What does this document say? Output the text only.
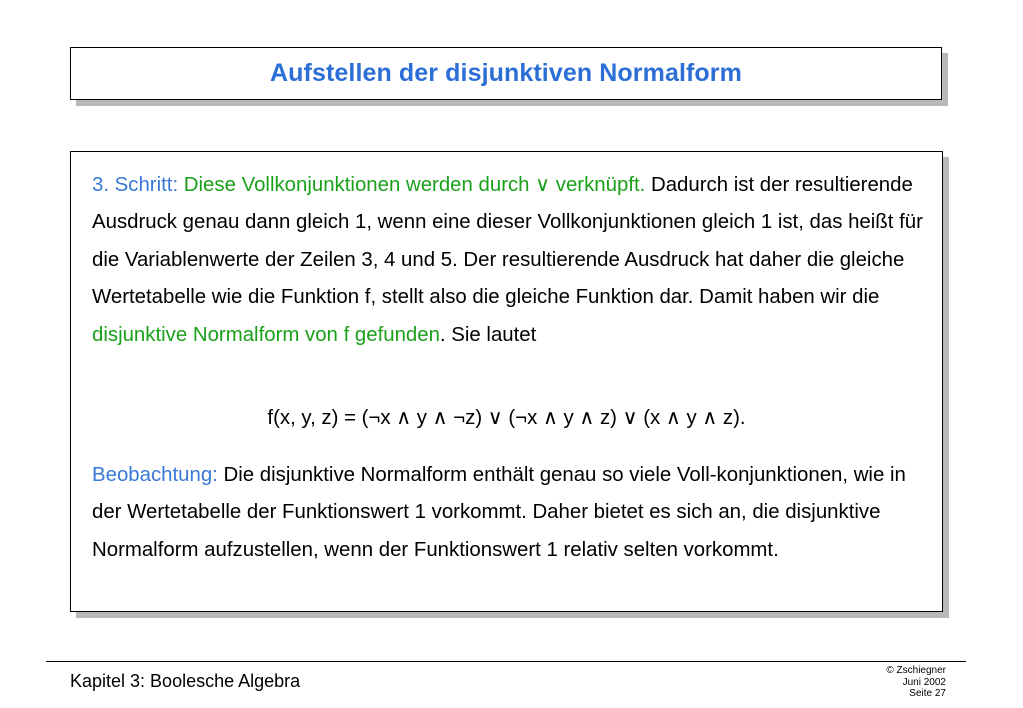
Aufstellen der disjunktiven Normalform
3. Schritt: Diese Vollkonjunktionen werden durch ∨ verknüpft. Dadurch ist der resultierende Ausdruck genau dann gleich 1, wenn eine dieser Vollkonjunktionen gleich 1 ist, das heißt für die Variablenwerte der Zeilen 3, 4 und 5. Der resultierende Ausdruck hat daher die gleiche Wertetabelle wie die Funktion f, stellt also die gleiche Funktion dar. Damit haben wir die disjunktive Normalform von f gefunden. Sie lautet
f(x, y, z) = (¬x ∧ y ∧ ¬z) ∨ (¬x ∧ y ∧ z) ∨ (x ∧ y ∧ z).
Beobachtung: Die disjunktive Normalform enthält genau so viele Voll-konjunktionen, wie in der Wertetabelle der Funktionswert 1 vorkommt. Daher bietet es sich an, die disjunktive Normalform aufzustellen, wenn der Funktionswert 1 relativ selten vorkommt.
Kapitel 3: Boolesche Algebra
© Zschiegner
Juni 2002
Seite 27
